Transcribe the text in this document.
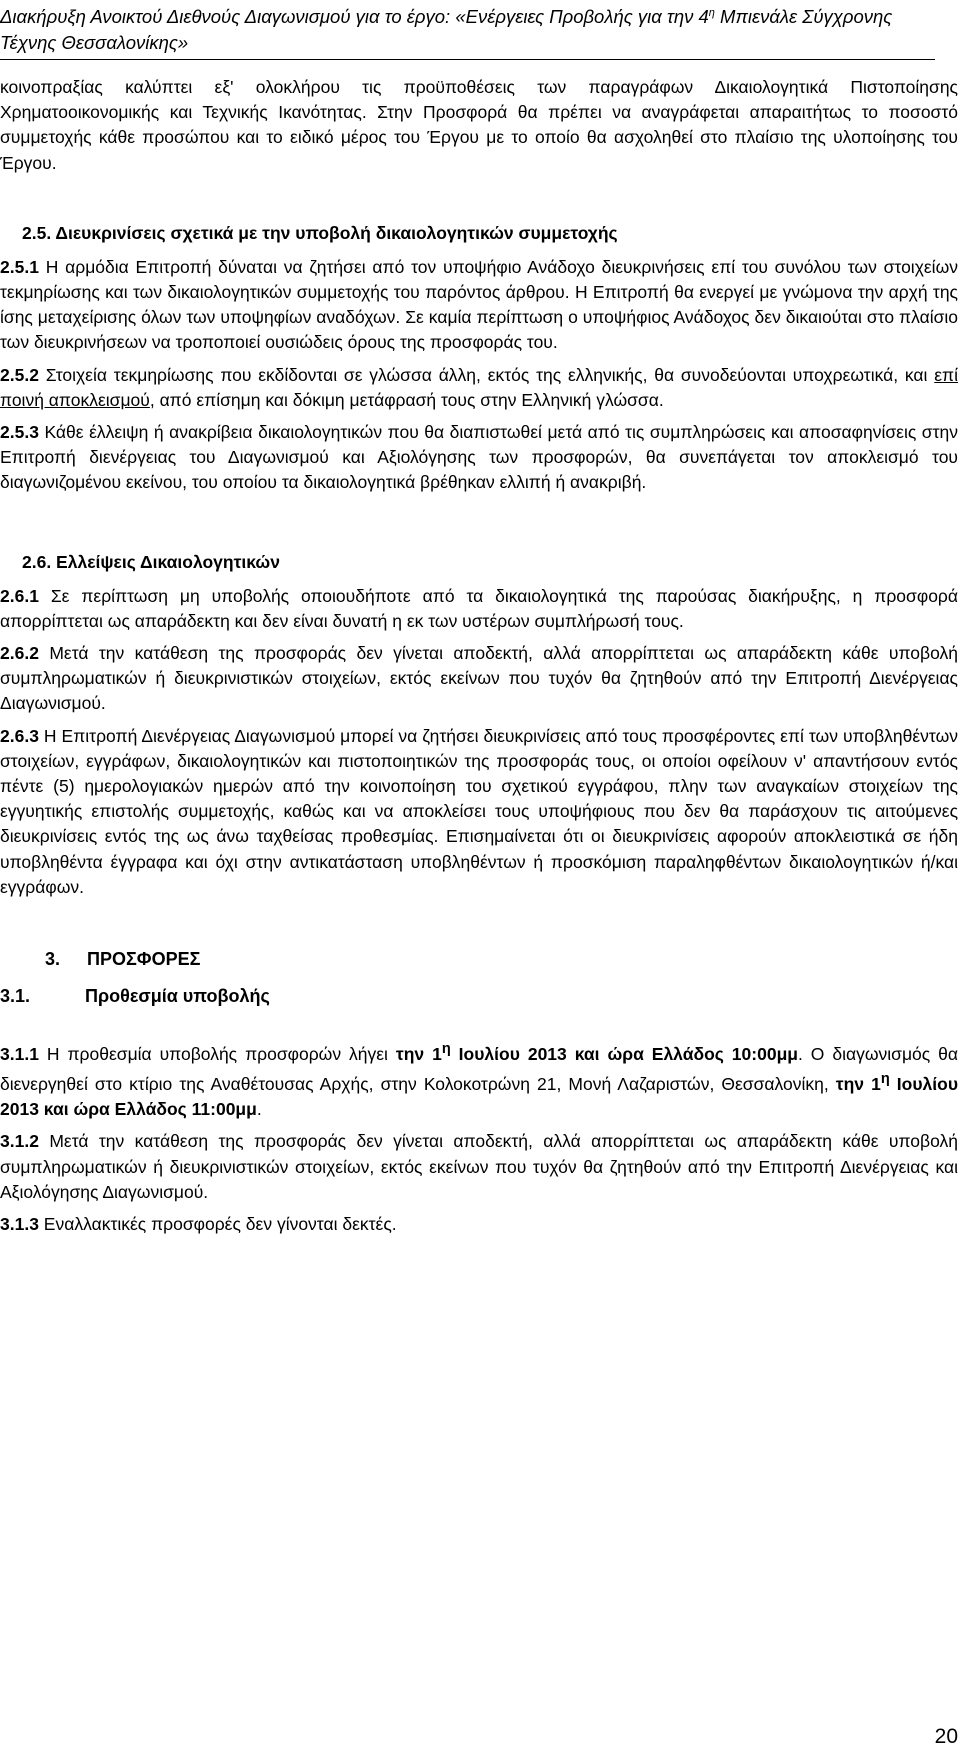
Διακήρυξη Ανοικτού Διεθνούς Διαγωνισμού για το έργο: «Ενέργειες Προβολής για την $4^\eta$ Μπιενάλε Σύγχρονης
Τέχνης Θεσσαλονίκης»
κοινοπραξίας καλύπτει εξ' ολοκλήρου τις προϋποθέσεις των παραγράφων Δικαιολογητικά Πιστοποίησης Χρηματοοικονομικής και Τεχνικής Ικανότητας. Στην Προσφορά θα πρέπει να αναγράφεται απαραιτήτως το ποσοστό συμμετοχής κάθε προσώπου και το ειδικό μέρος του Έργου με το οποίο θα ασχοληθεί στο πλαίσιο της υλοποίησης του Έργου.
2.5. Διευκρινίσεις σχετικά με την υποβολή δικαιολογητικών συμμετοχής
2.5.1 Η αρμόδια Επιτροπή δύναται να ζητήσει από τον υποψήφιο Ανάδοχο διευκρινήσεις επί του συνόλου των στοιχείων τεκμηρίωσης και των δικαιολογητικών συμμετοχής του παρόντος άρθρου. Η Επιτροπή θα ενεργεί με γνώμονα την αρχή της ίσης μεταχείρισης όλων των υποψηφίων αναδόχων. Σε καμία περίπτωση ο υποψήφιος Ανάδοχος δεν δικαιούται στο πλαίσιο των διευκρινήσεων να τροποποιεί ουσιώδεις όρους της προσφοράς του.
2.5.2 Στοιχεία τεκμηρίωσης που εκδίδονται σε γλώσσα άλλη, εκτός της ελληνικής, θα συνοδεύονται υποχρεωτικά, και επί ποινή αποκλεισμού, από επίσημη και δόκιμη μετάφρασή τους στην Ελληνική γλώσσα.
2.5.3 Κάθε έλλειψη ή ανακρίβεια δικαιολογητικών που θα διαπιστωθεί μετά από τις συμπληρώσεις και αποσαφηνίσεις στην Επιτροπή διενέργειας του Διαγωνισμού και Αξιολόγησης των προσφορών, θα συνεπάγεται τον αποκλεισμό του διαγωνιζομένου εκείνου, του οποίου τα δικαιολογητικά βρέθηκαν ελλιπή ή ανακριβή.
2.6. Ελλείψεις Δικαιολογητικών
2.6.1 Σε περίπτωση μη υποβολής οποιουδήποτε από τα δικαιολογητικά της παρούσας διακήρυξης, η προσφορά απορρίπτεται ως απαράδεκτη και δεν είναι δυνατή η εκ των υστέρων συμπλήρωσή τους.
2.6.2 Μετά την κατάθεση της προσφοράς δεν γίνεται αποδεκτή, αλλά απορρίπτεται ως απαράδεκτη κάθε υποβολή συμπληρωματικών ή διευκρινιστικών στοιχείων, εκτός εκείνων που τυχόν θα ζητηθούν από την Επιτροπή Διενέργειας Διαγωνισμού.
2.6.3 Η Επιτροπή Διενέργειας Διαγωνισμού μπορεί να ζητήσει διευκρινίσεις από τους προσφέροντες επί των υποβληθέντων στοιχείων, εγγράφων, δικαιολογητικών και πιστοποιητικών της προσφοράς τους, οι οποίοι οφείλουν ν' απαντήσουν εντός πέντε (5) ημερολογιακών ημερών από την κοινοποίηση του σχετικού εγγράφου, πλην των αναγκαίων στοιχείων της εγγυητικής επιστολής συμμετοχής, καθώς και να αποκλείσει τους υποψήφιους που δεν θα παράσχουν τις αιτούμενες διευκρινίσεις εντός της ως άνω ταχθείσας προθεσμίας. Επισημαίνεται ότι οι διευκρινίσεις αφορούν αποκλειστικά σε ήδη υποβληθέντα έγγραφα και όχι στην αντικατάσταση υποβληθέντων ή προσκόμιση παραληφθέντων δικαιολογητικών ή/και εγγράφων.
3. ΠΡΟΣΦΟΡΕΣ
3.1.	Προθεσμία υποβολής
3.1.1 Η προθεσμία υποβολής προσφορών λήγει την $1^\eta$ Ιουλίου 2013 και ώρα Ελλάδος 10:00μμ. Ο διαγωνισμός θα διενεργηθεί στο κτίριο της Αναθέτουσας Αρχής, στην Κολοκοτρώνη 21, Μονή Λαζαριστών, Θεσσαλονίκη, την $1^\eta$ Ιουλίου 2013 και ώρα Ελλάδος 11:00μμ.
3.1.2 Μετά την κατάθεση της προσφοράς δεν γίνεται αποδεκτή, αλλά απορρίπτεται ως απαράδεκτη κάθε υποβολή συμπληρωματικών ή διευκρινιστικών στοιχείων, εκτός εκείνων που τυχόν θα ζητηθούν από την Επιτροπή Διενέργειας και Αξιολόγησης Διαγωνισμού.
3.1.3 Εναλλακτικές προσφορές δεν γίνονται δεκτές.
20
